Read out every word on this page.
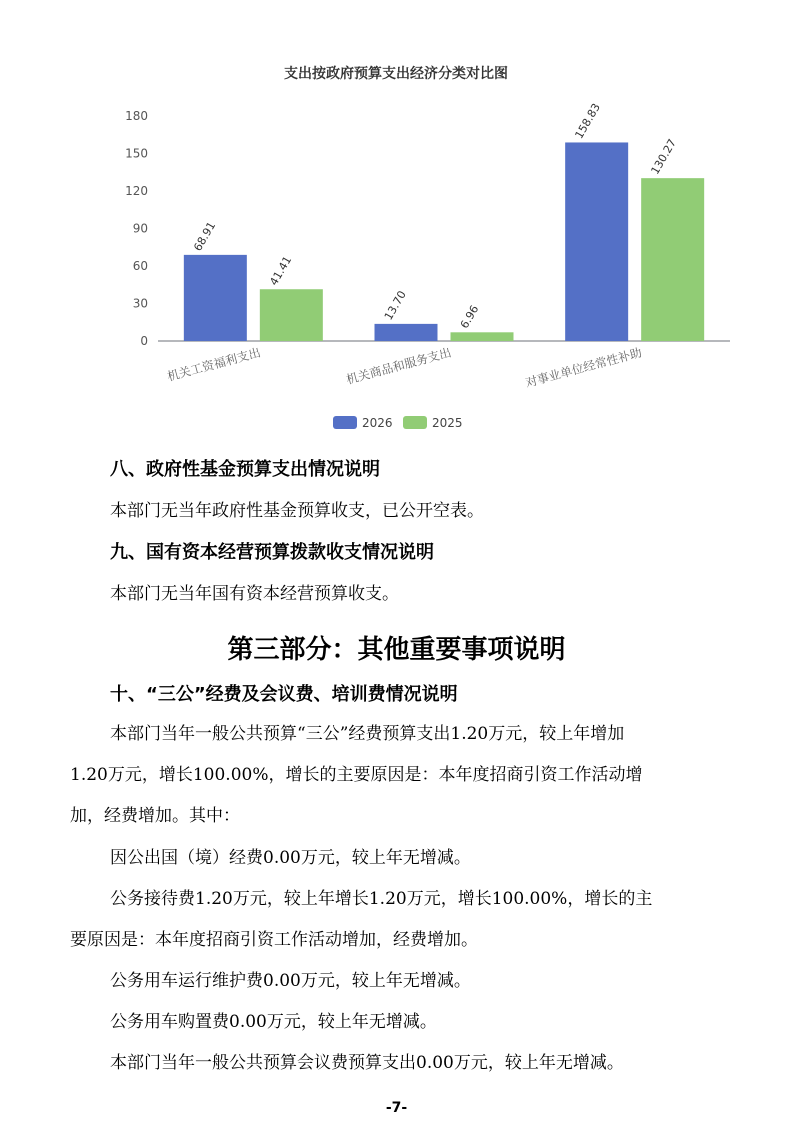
支出按政府预算支出经济分类对比图
0
30
60
90
120
150
180
68.91
41.41
13.70	6.96
158.83
130.27
机关工资福利支出	机关商品和服务支出	对事业单位经常性补助
2026	2025
八、政府性基金预算支出情况说明
本部门无当年政府性基金预算收支，已公开空表。
九、国有资本经营预算拨款收支情况说明
本部门无当年国有资本经营预算收支。
第三部分：其他重要事项说明
十、“三公”经费及会议费、培训费情况说明
本部门当年一般公共预算“三公”经费预算支出1.20万元，较上年增加
1.20万元，增长100.00%，增长的主要原因是：本年度招商引资工作活动增
加，经费增加。其中：
因公出国（境）经费0.00万元，较上年无增减。
公务接待费1.20万元，较上年增长1.20万元，增长100.00%，增长的主
要原因是：本年度招商引资工作活动增加，经费增加。
公务用车运行维护费0.00万元，较上年无增减。
公务用车购置费0.00万元，较上年无增减。
本部门当年一般公共预算会议费预算支出0.00万元，较上年无增减。
-7-
